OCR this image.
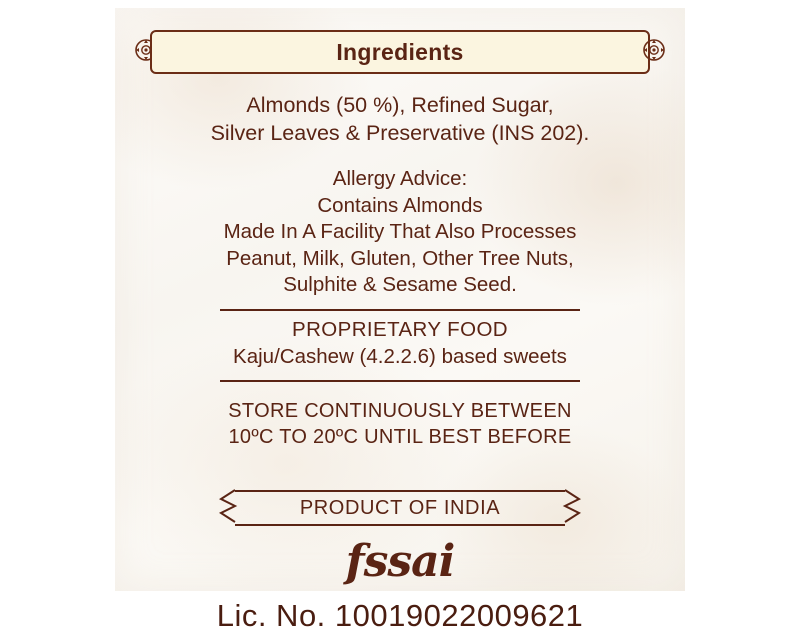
Ingredients
Almonds (50 %), Refined Sugar,
Silver Leaves & Preservative (INS 202).
Allergy Advice:
Contains Almonds
Made In A Facility That Also Processes
Peanut, Milk, Gluten, Other Tree Nuts,
Sulphite & Sesame Seed.
PROPRIETARY FOOD
Kaju/Cashew (4.2.2.6) based sweets
STORE CONTINUOUSLY BETWEEN
10ºC TO 20ºC UNTIL BEST BEFORE
PRODUCT OF INDIA
fssai
Lic. No. 10019022009621
